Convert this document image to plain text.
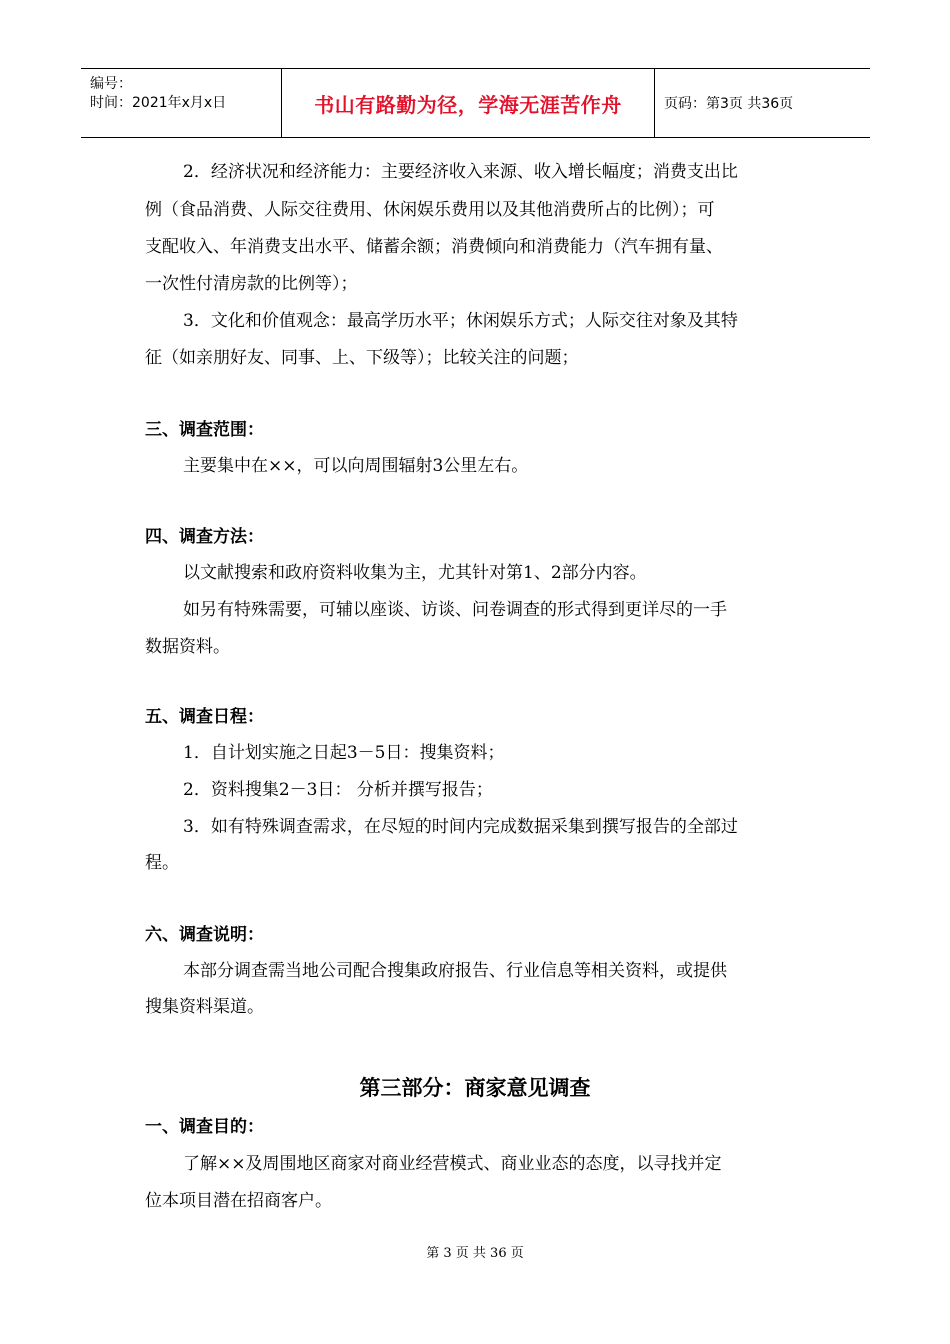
编号：
时间：2021年x月x日	书山有路勤为径，学海无涯苦作舟	页码：第3页 共36页
2．经济状况和经济能力：主要经济收入来源、收入增长幅度；消费支出比
例（食品消费、人际交往费用、休闲娱乐费用以及其他消费所占的比例）；可
支配收入、年消费支出水平、储蓄余额；消费倾向和消费能力（汽车拥有量、
一次性付清房款的比例等）；
3．文化和价值观念：最高学历水平；休闲娱乐方式；人际交往对象及其特
征（如亲朋好友、同事、上、下级等）；比较关注的问题；
三、调查范围：
主要集中在××，可以向周围辐射3公里左右。
四、调查方法：
以文献搜索和政府资料收集为主，尤其针对第1、2部分内容。
如另有特殊需要，可辅以座谈、访谈、问卷调查的形式得到更详尽的一手
数据资料。
五、调查日程：
1．自计划实施之日起3－5日：搜集资料；
2．资料搜集2－3日： 分析并撰写报告；
3．如有特殊调查需求，在尽短的时间内完成数据采集到撰写报告的全部过
程。
六、调查说明：
本部分调查需当地公司配合搜集政府报告、行业信息等相关资料，或提供
搜集资料渠道。
第三部分：商家意见调查
一、调查目的：
了解××及周围地区商家对商业经营模式、商业业态的态度，以寻找并定
位本项目潜在招商客户。
第 3 页 共 36 页
